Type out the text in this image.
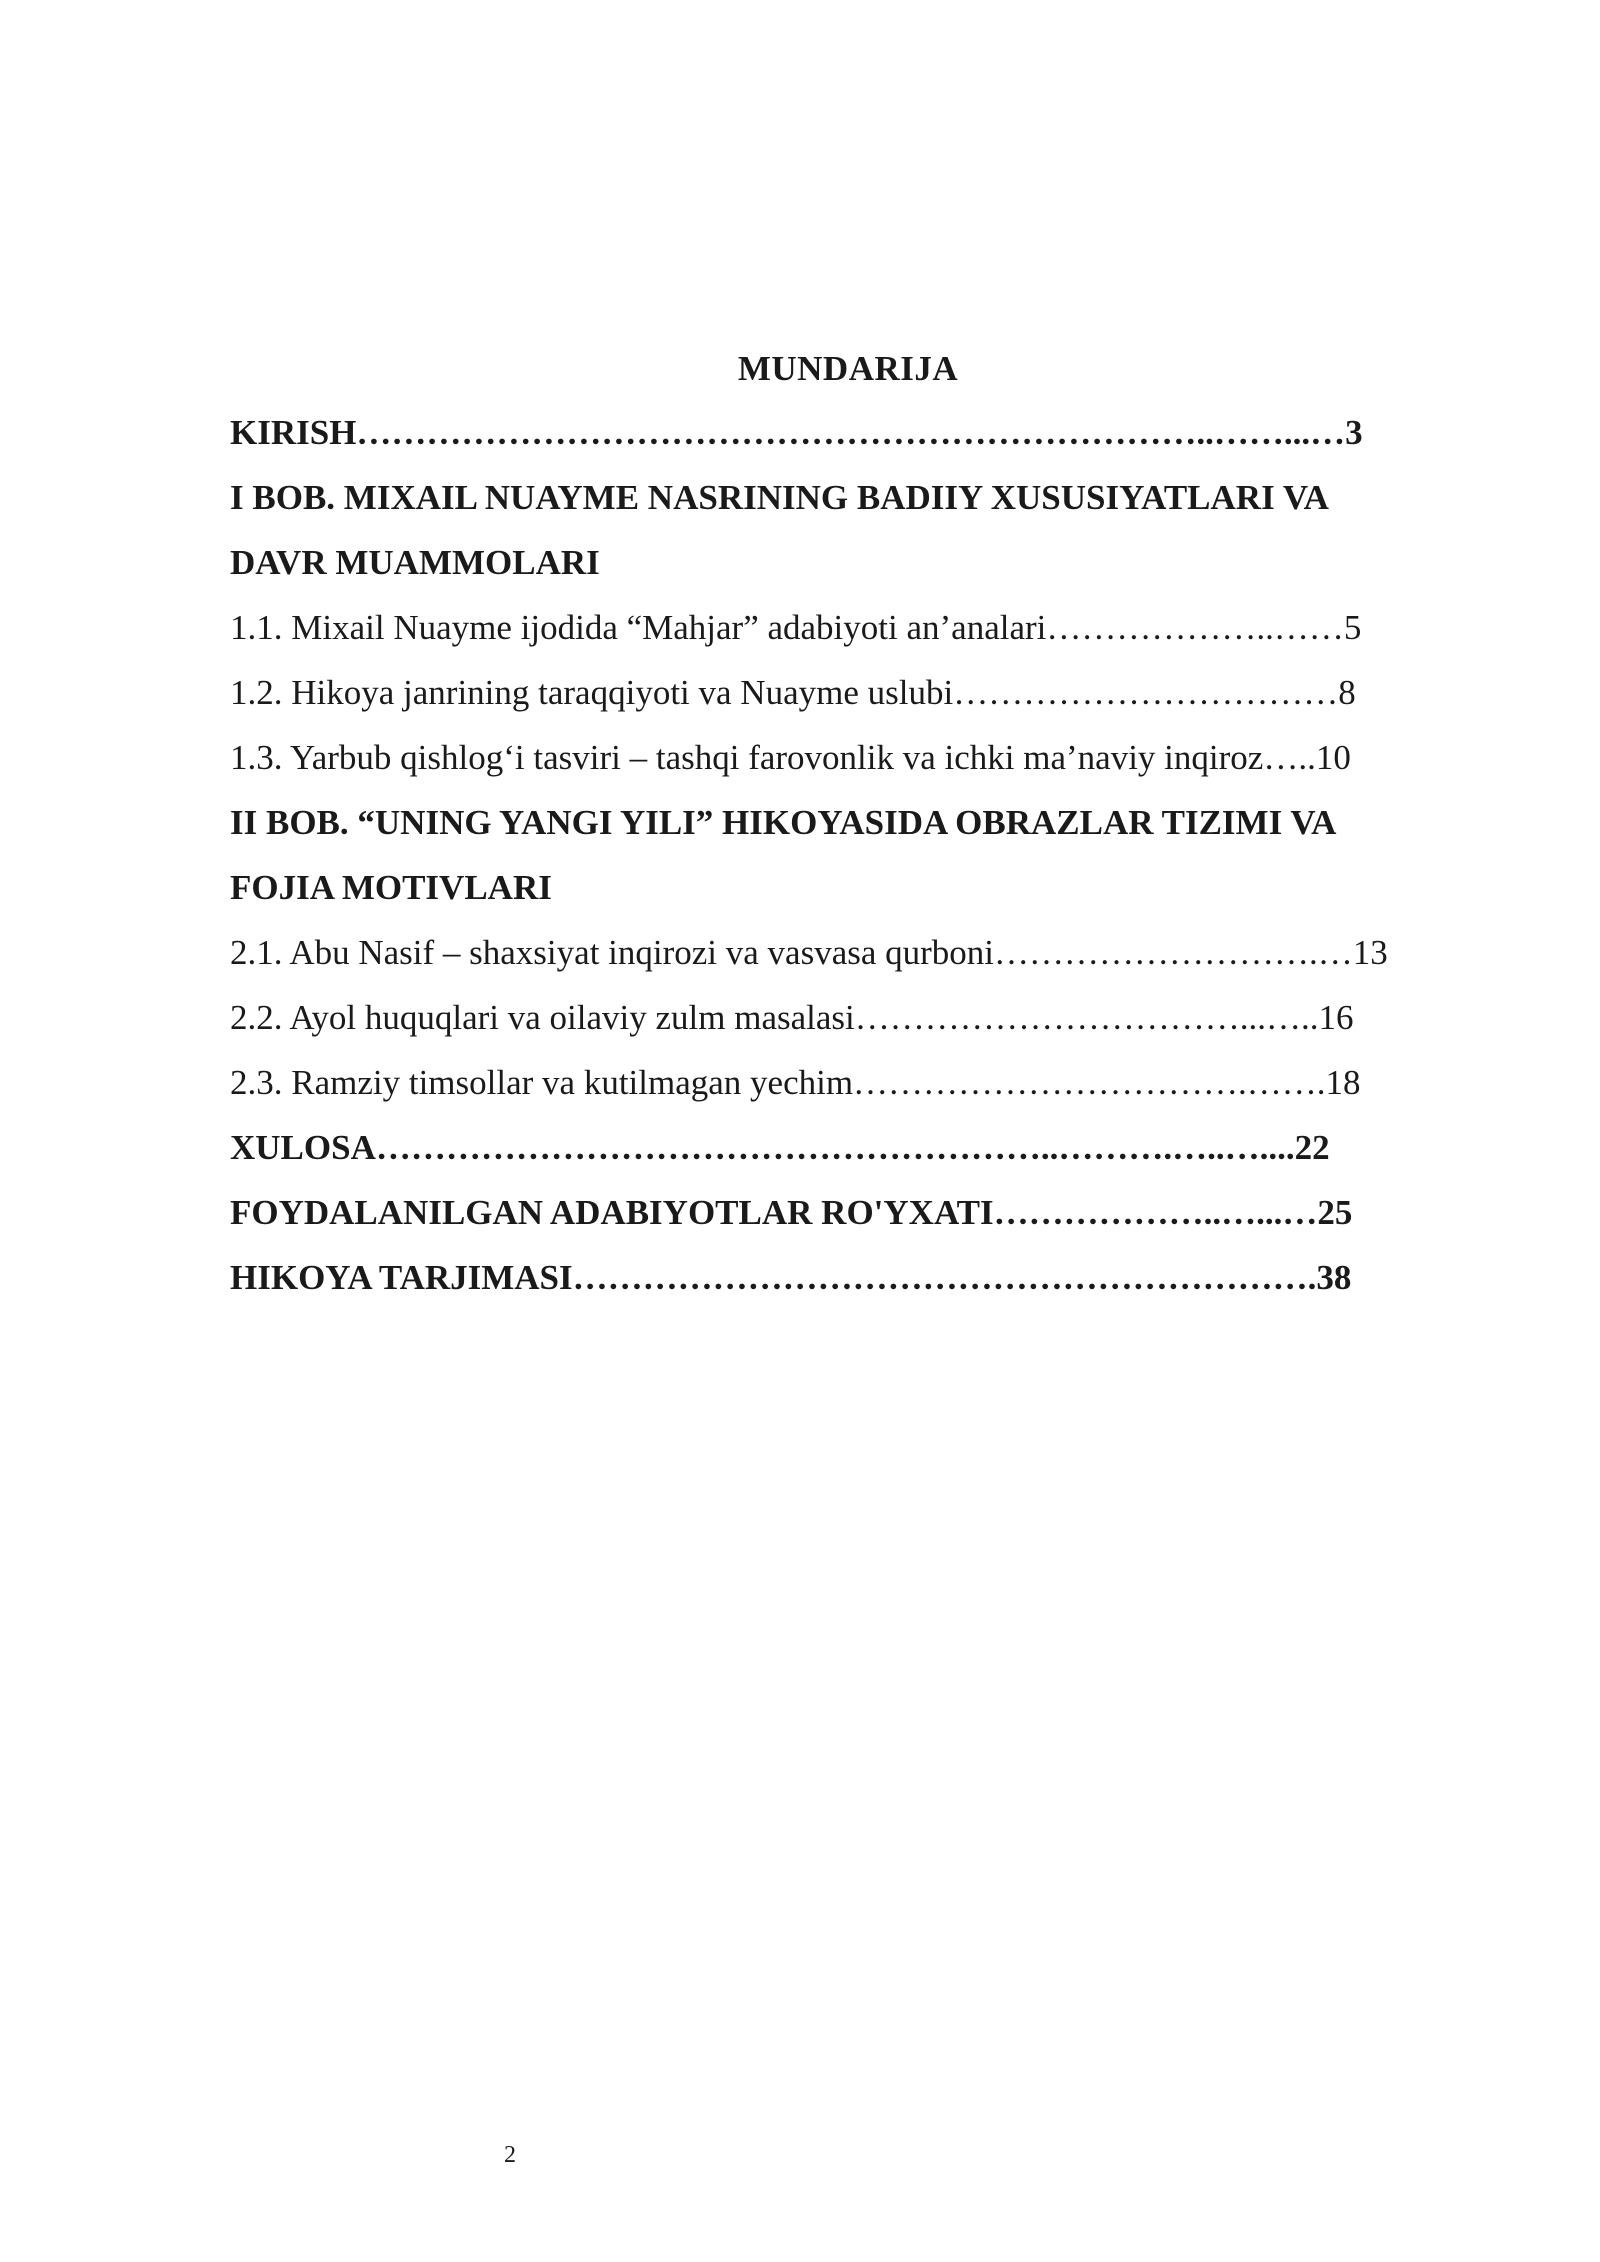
MUNDARIJA
KIRISH………………………………………………………………..……...…3
I BOB. MIXAIL NUAYME NASRINING BADIIY XUSUSIYATLARI VA
DAVR MUAMMOLARI
1.1. Mixail Nuayme ijodida “Mahjar” adabiyoti an’analari………………..……5
1.2. Hikoya janrining taraqqiyoti va Nuayme uslubi……………………………8
1.3. Yarbub qishlog‘i tasviri – tashqi farovonlik va ichki ma’naviy inqiroz…..10
II BOB. “UNING YANGI YILI” HIKOYASIDA OBRAZLAR TIZIMI VA
FOJIA MOTIVLARI
2.1. Abu Nasif – shaxsiyat inqirozi va vasvasa qurboni……………………….…13
2.2. Ayol huquqlari va oilaviy zulm masalasi……………………………...…..16
2.3. Ramziy timsollar va kutilmagan yechim…………………………….…….18
XULOSA…………………………………………………..……….…..…....22
FOYDALANILGAN ADABIYOTLAR RO'YXATI………………..…...…25
HIKOYA TARJIMASI……………………………………………………….38
2
